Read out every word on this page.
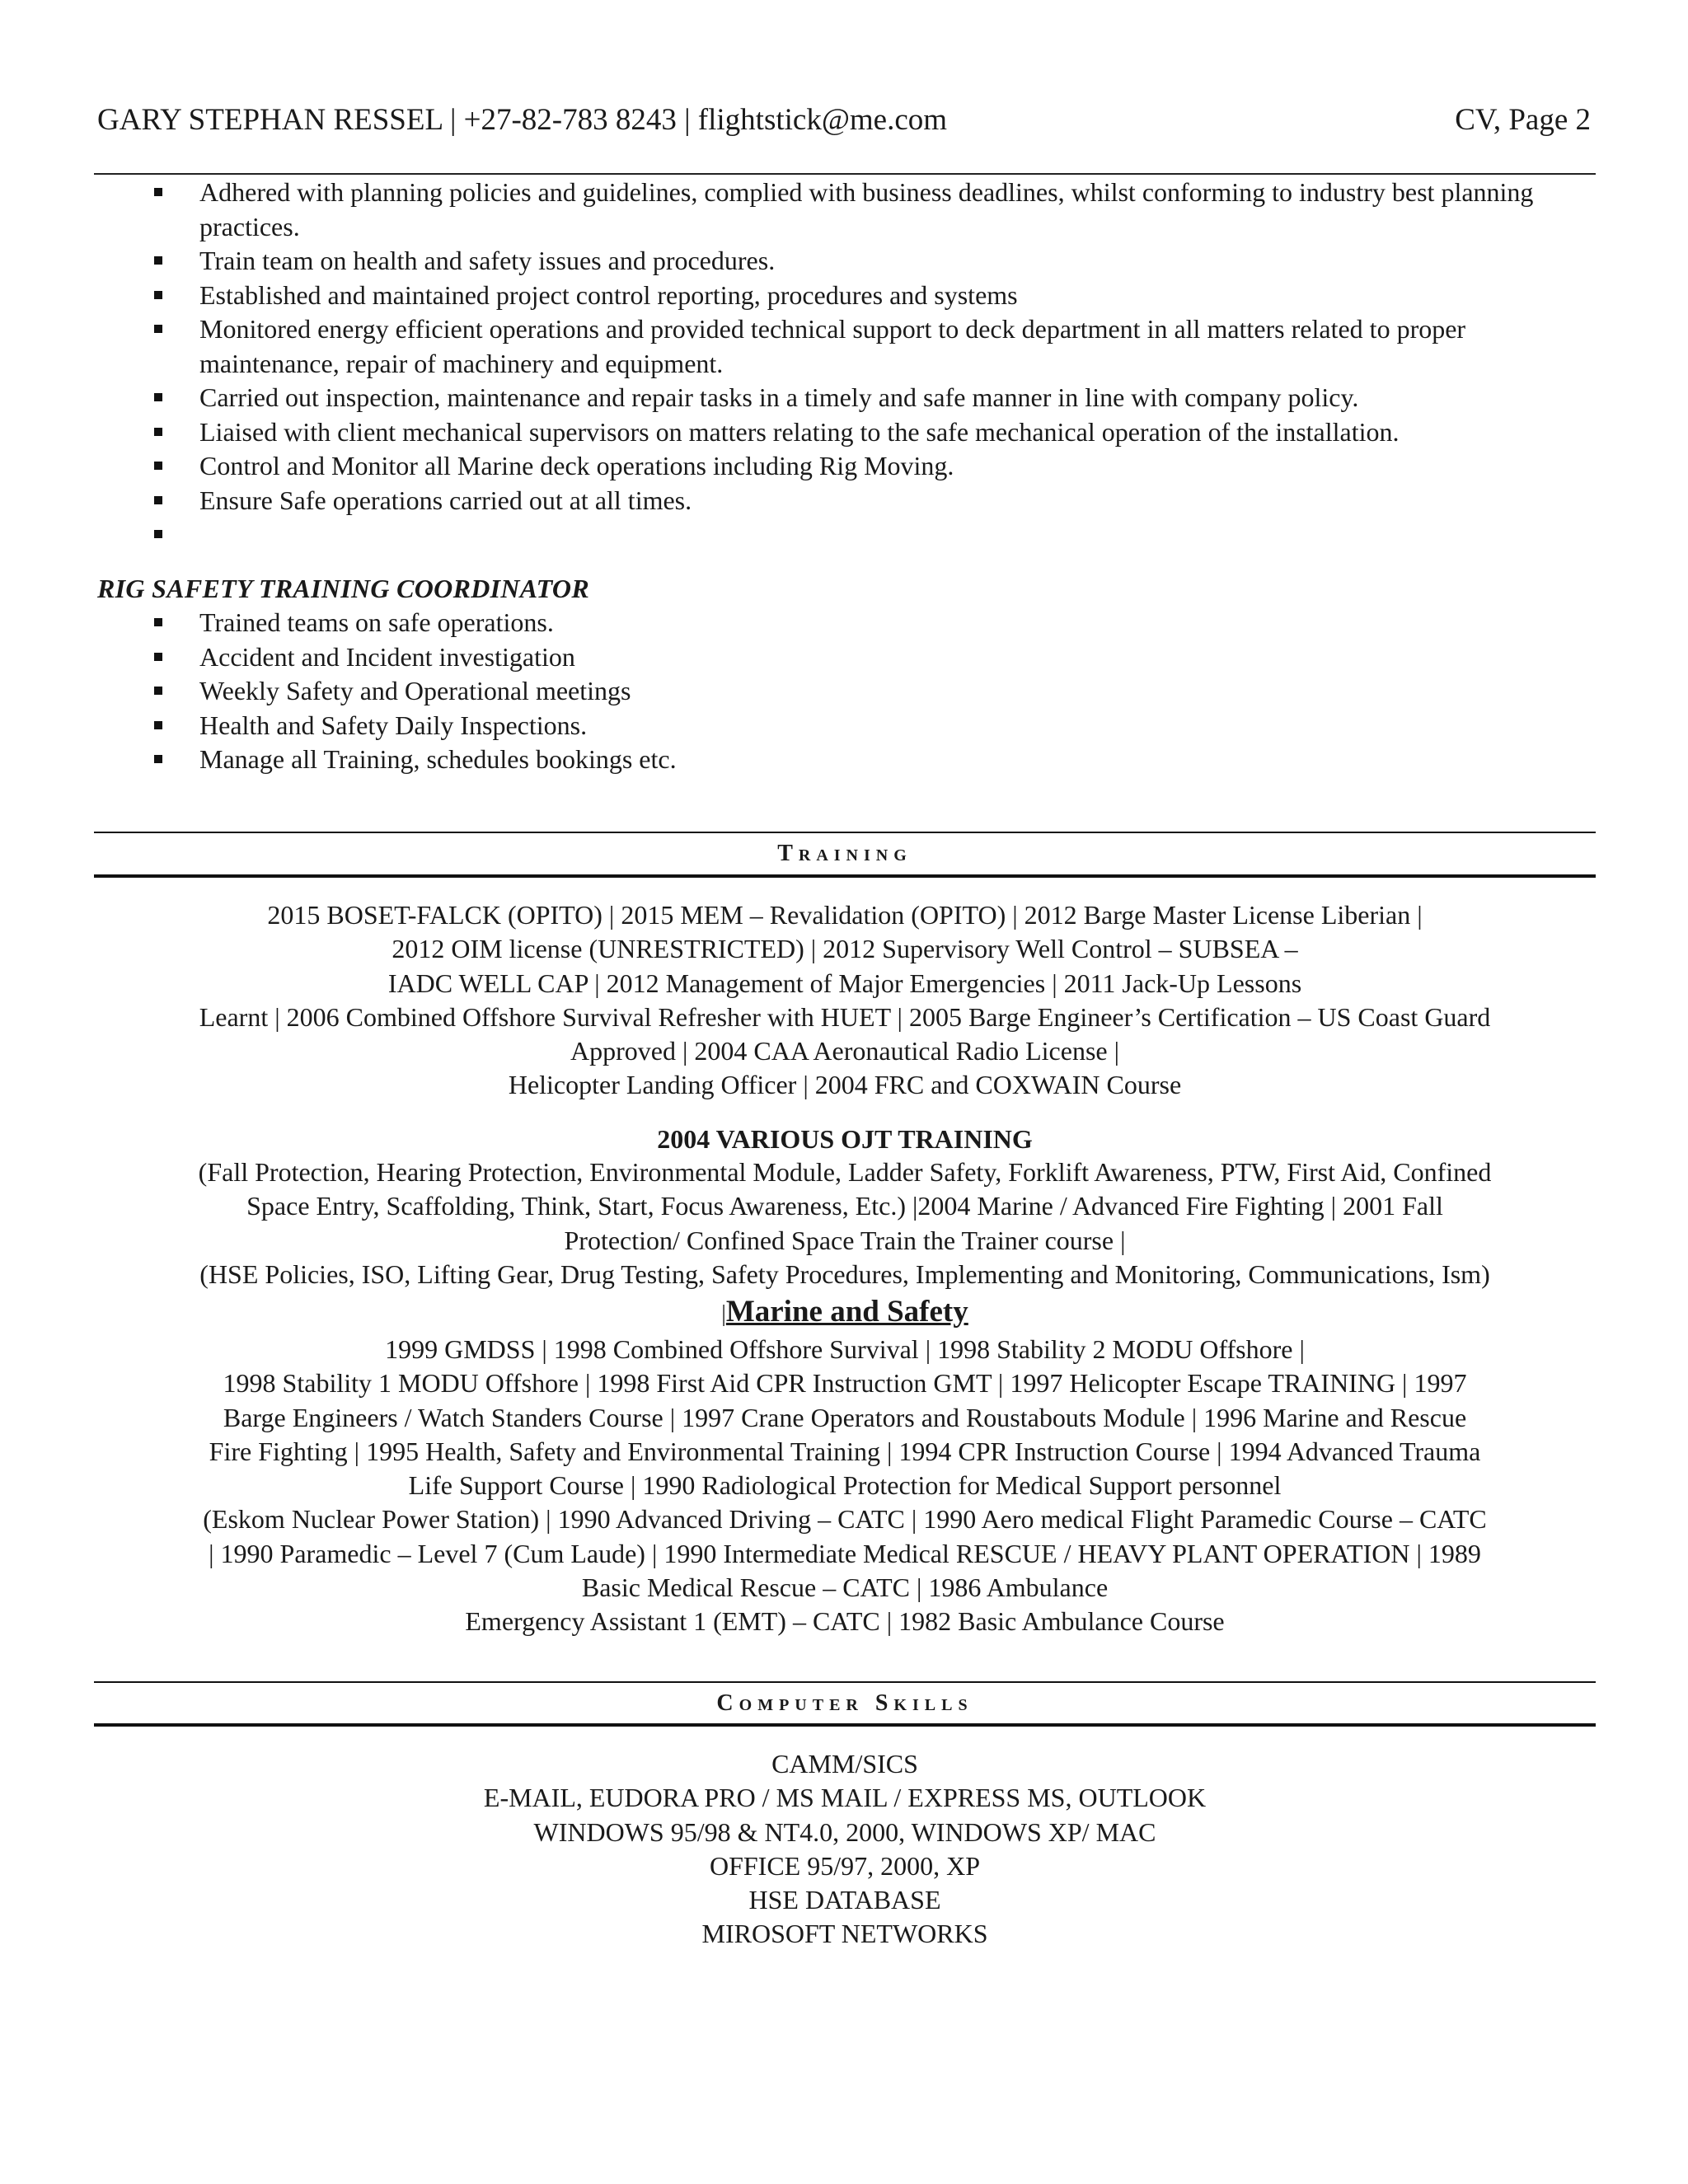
GARY STEPHAN RESSEL | +27-82-783 8243 | flightstick@me.com	CV, Page 2
Adhered with planning policies and guidelines, complied with business deadlines, whilst conforming to industry best planning practices.
Train team on health and safety issues and procedures.
Established and maintained project control reporting, procedures and systems
Monitored energy efficient operations and provided technical support to deck department in all matters related to proper maintenance, repair of machinery and equipment.
Carried out inspection, maintenance and repair tasks in a timely and safe manner in line with company policy.
Liaised with client mechanical supervisors on matters relating to the safe mechanical operation of the installation.
Control and Monitor all Marine deck operations including Rig Moving.
Ensure Safe operations carried out at all times.
RIG SAFETY TRAINING COORDINATOR
Trained teams on safe operations.
Accident and Incident investigation
Weekly Safety and Operational meetings
Health and Safety Daily Inspections.
Manage all Training, schedules bookings etc.
Training
2015 BOSET-FALCK (OPITO) | 2015 MEM – Revalidation (OPITO) | 2012 Barge Master License Liberian |
2012 OIM license (UNRESTRICTED) | 2012 Supervisory Well Control – SUBSEA –
IADC WELL CAP | 2012 Management of Major Emergencies | 2011 Jack-Up Lessons
Learnt | 2006 Combined Offshore Survival Refresher with HUET | 2005 Barge Engineer’s Certification – US Coast Guard
Approved | 2004 CAA Aeronautical Radio License |
Helicopter Landing Officer | 2004 FRC and COXWAIN Course
2004 VARIOUS OJT TRAINING
(Fall Protection, Hearing Protection, Environmental Module, Ladder Safety, Forklift Awareness, PTW, First Aid, Confined
Space Entry, Scaffolding, Think, Start, Focus Awareness, Etc.) |2004 Marine / Advanced Fire Fighting | 2001 Fall
Protection/ Confined Space Train the Trainer course |
(HSE Policies, ISO, Lifting Gear, Drug Testing, Safety Procedures, Implementing and Monitoring, Communications, Ism)
|Marine and Safety
1999 GMDSS | 1998 Combined Offshore Survival | 1998 Stability 2 MODU Offshore |
1998 Stability 1 MODU Offshore | 1998 First Aid CPR Instruction GMT | 1997 Helicopter Escape TRAINING | 1997
Barge Engineers / Watch Standers Course | 1997 Crane Operators and Roustabouts Module | 1996 Marine and Rescue
Fire Fighting | 1995 Health, Safety and Environmental Training | 1994 CPR Instruction Course | 1994 Advanced Trauma
Life Support Course | 1990 Radiological Protection for Medical Support personnel
(Eskom Nuclear Power Station) | 1990 Advanced Driving – CATC | 1990 Aero medical Flight Paramedic Course – CATC
| 1990 Paramedic – Level 7 (Cum Laude) | 1990 Intermediate Medical RESCUE / HEAVY PLANT OPERATION | 1989
Basic Medical Rescue – CATC | 1986 Ambulance
Emergency Assistant 1 (EMT) – CATC | 1982 Basic Ambulance Course
Computer Skills
CAMM/SICS
E-MAIL, EUDORA PRO / MS MAIL / EXPRESS MS, OUTLOOK
WINDOWS 95/98 & NT4.0, 2000, WINDOWS XP/ MAC
OFFICE 95/97, 2000, XP
HSE DATABASE
MIROSOFT NETWORKS
